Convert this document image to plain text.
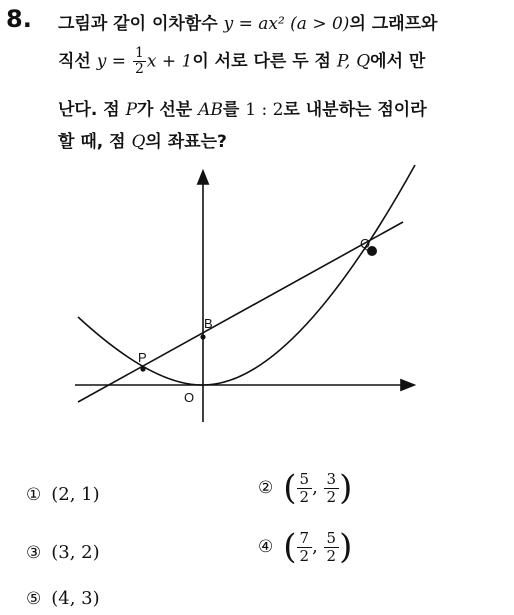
8. 그림과 같이 이차함수 y = ax² (a > 0)의 그래프와
직선 $y = \frac{1}{2}$ x + 1이 서로 다른 두 점 P, Q에서 만
난다. 점 P가 선분 AB를 1 : 2로 내분하는 점이라
할 때, 점 Q의 좌표는?
P
B
Q
O
① (2, 1)	② ( $\frac{5}{2}$ , $\frac{3}{2}$ )
③ (3, 2)	④ ( $\frac{7}{2}$ , $\frac{5}{2}$ )
⑤ (4, 3)
